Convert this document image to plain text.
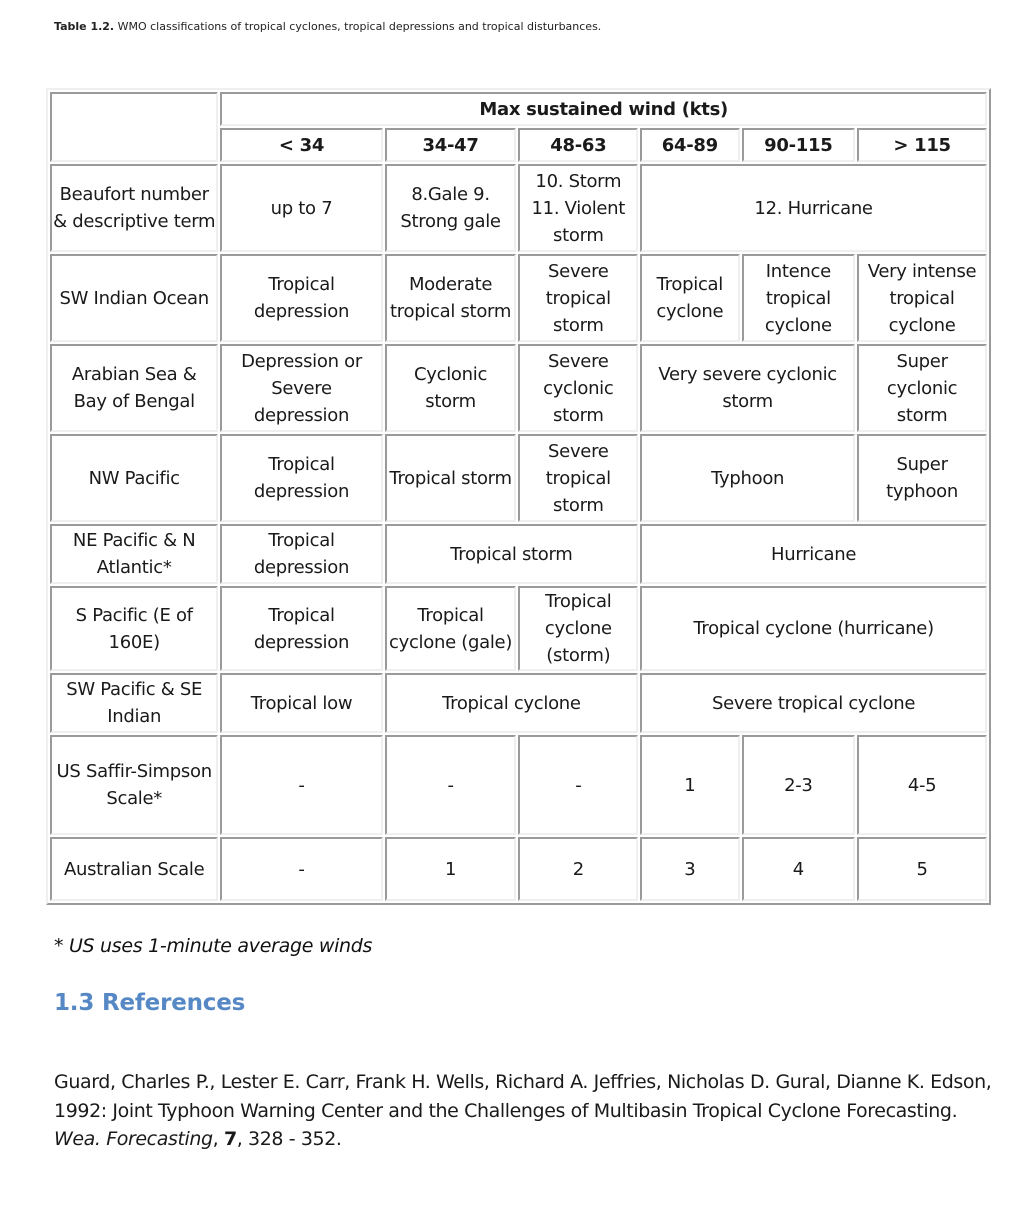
Table 1.2. WMO classifications of tropical cyclones, tropical depressions and tropical disturbances.
	Max sustained wind (kts)					
	< 34	34-47	48-63	64-89	90-115	> 115
Beaufort number & descriptive term	up to 7	8.Gale 9. Strong gale	10. Storm 11. Violent storm	12. Hurricane		
SW Indian Ocean	Tropical depression	Moderate tropical storm	Severe tropical storm	Tropical cyclone	Intence tropical cyclone	Very intense tropical cyclone
Arabian Sea & Bay of Bengal	Depression or Severe depression	Cyclonic storm	Severe cyclonic storm	Very severe cyclonic storm		Super cyclonic storm
NW Pacific	Tropical depression	Tropical storm	Severe tropical storm	Typhoon		Super typhoon
NE Pacific & N Atlantic*	Tropical depression	Tropical storm		Hurricane		
S Pacific (E of 160E)	Tropical depression	Tropical cyclone (gale)	Tropical cyclone (storm)	Tropical cyclone (hurricane)		
SW Pacific & SE Indian	Tropical low	Tropical cyclone		Severe tropical cyclone		
US Saffir-Simpson Scale*	-	-	-	1	2-3	4-5
Australian Scale	-	1	2	3	4	5
* US uses 1-minute average winds
1.3 References

Guard, Charles P., Lester E. Carr, Frank H. Wells, Richard A. Jeffries, Nicholas D. Gural, Dianne K. Edson, 1992: Joint Typhoon Warning Center and the Challenges of Multibasin Tropical Cyclone Forecasting. Wea. Forecasting, 7, 328 - 352.
